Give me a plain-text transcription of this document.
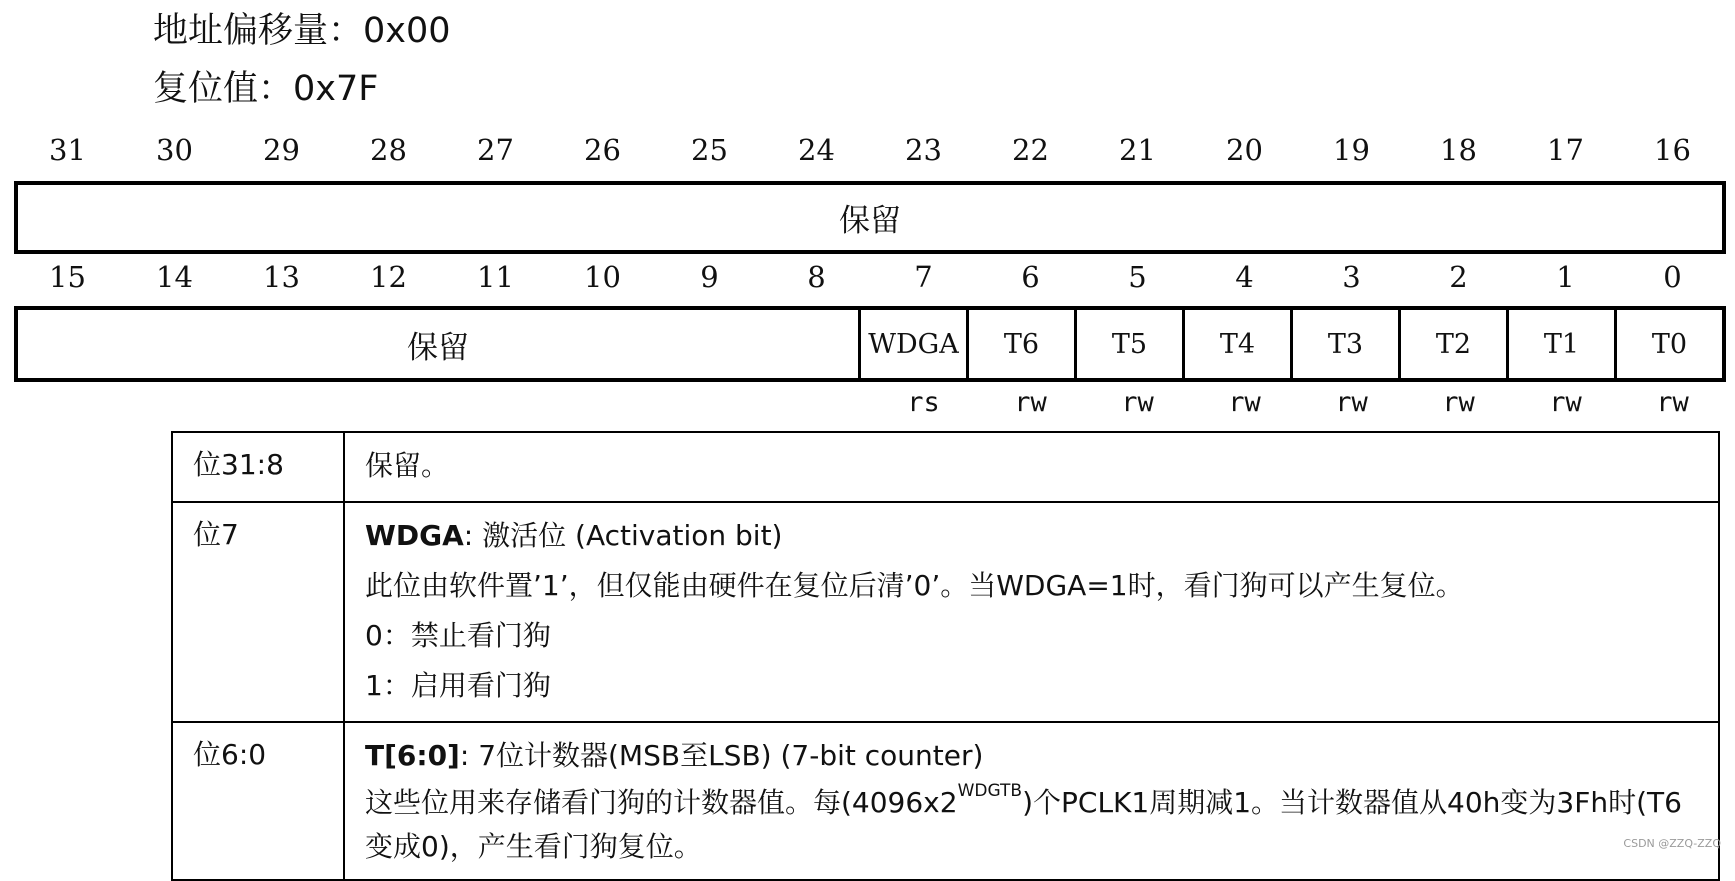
地址偏移量：0x00
复位值：0x7F
31	30	29	28	27	26	25	24	23	22	21	20	19	18	17	16
保留
15	14	13	12	11	10	9	8	7	6	5	4	3	2	1	0
保留	WDGA	T6	T5	T4	T3	T2	T1	T0
rs	rw	rw	rw	rw	rw	rw	rw
位31:8	保留。

位7	WDGA: 激活位 (Activation bit)
此位由软件置’1’，但仅能由硬件在复位后清’0’。当WDGA=1时，看门狗可以产生复位。
0：禁止看门狗
1：启用看门狗

位6:0	T[6:0]: 7位计数器(MSB至LSB) (7-bit counter)
这些位用来存储看门狗的计数器值。每$(4096x2^{WDGTB})$个PCLK1周期减1。当计数器值从40h变为3Fh时(T6变成0)，产生看门狗复位。	CSDN @ZZQ-ZZQ
